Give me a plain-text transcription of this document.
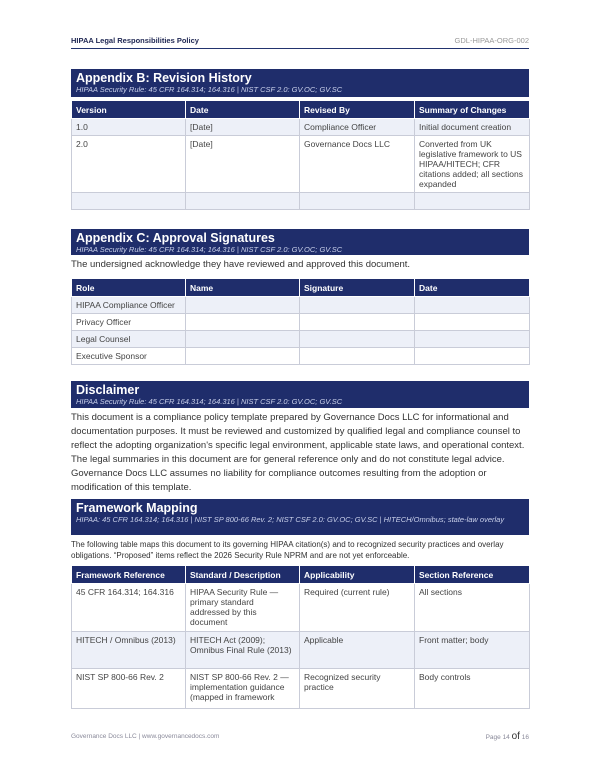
HIPAA Legal Responsibilities Policy	GDL-HIPAA-ORG-002
Appendix B: Revision History
HIPAA Security Rule: 45 CFR 164.314; 164.316 | NIST CSF 2.0: GV.OC; GV.SC
Version	Date	Revised By	Summary of Changes
1.0	[Date]	Compliance Officer	Initial document creation
2.0	[Date]	Governance Docs LLC	Converted from UK legislative framework to US HIPAA/HITECH; CFR citations added; all sections expanded

Appendix C: Approval Signatures
HIPAA Security Rule: 45 CFR 164.314; 164.316 | NIST CSF 2.0: GV.OC; GV.SC
The undersigned acknowledge they have reviewed and approved this document.
Role	Name	Signature	Date
HIPAA Compliance Officer			
Privacy Officer			
Legal Counsel			
Executive Sponsor			
Disclaimer
HIPAA Security Rule: 45 CFR 164.314; 164.316 | NIST CSF 2.0: GV.OC; GV.SC
This document is a compliance policy template prepared by Governance Docs LLC for informational and documentation purposes. It must be reviewed and customized by qualified legal and compliance counsel to reflect the adopting organization's specific legal environment, applicable state laws, and operational context. The legal summaries in this document are for general reference only and do not constitute legal advice. Governance Docs LLC assumes no liability for compliance outcomes resulting from the adoption or modification of this template.
Framework Mapping
HIPAA: 45 CFR 164.314; 164.316 | NIST SP 800-66 Rev. 2; NIST CSF 2.0: GV.OC; GV.SC | HITECH/Omnibus; state-law overlay
The following table maps this document to its governing HIPAA citation(s) and to recognized security practices and overlay obligations. “Proposed” items reflect the 2026 Security Rule NPRM and are not yet enforceable.
Framework Reference	Standard / Description	Applicability	Section Reference
45 CFR 164.314; 164.316	HIPAA Security Rule — primary standard addressed by this document	Required (current rule)	All sections
HITECH / Omnibus (2013)	HITECH Act (2009); Omnibus Final Rule (2013)	Applicable	Front matter; body
NIST SP 800-66 Rev. 2	NIST SP 800-66 Rev. 2 — implementation guidance (mapped in framework	Recognized security practice	Body controls
Governance Docs LLC | www.governancedocs.com	Page 14 of 16
